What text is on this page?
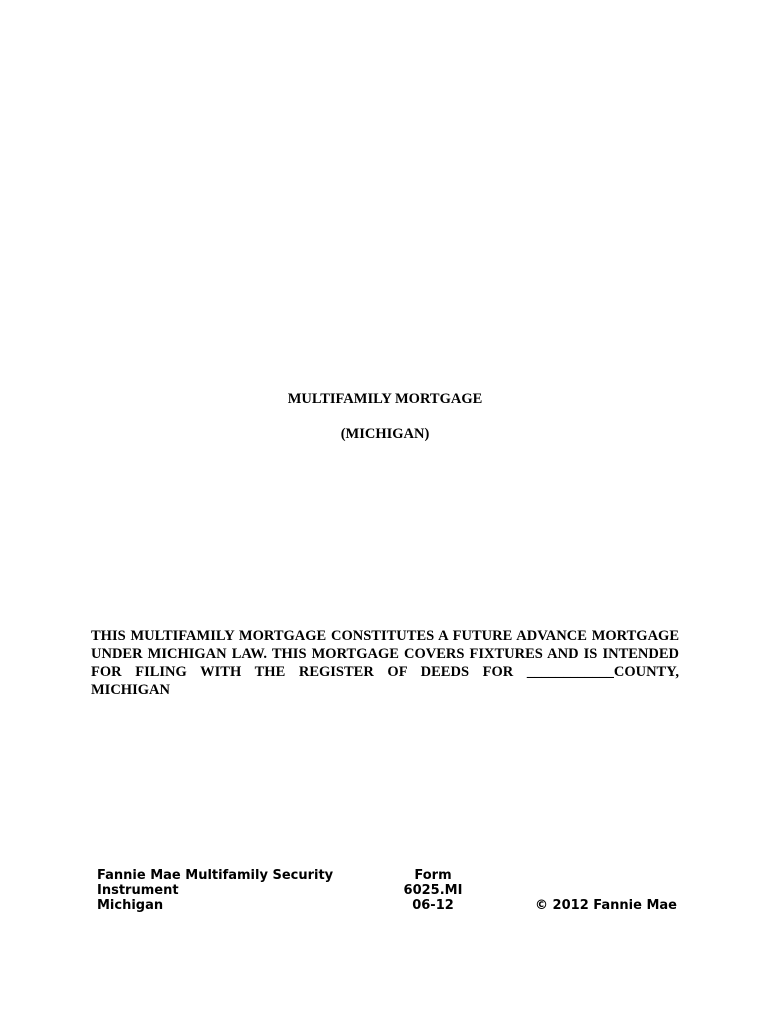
MULTIFAMILY MORTGAGE
(MICHIGAN)

THIS MULTIFAMILY MORTGAGE CONSTITUTES A FUTURE ADVANCE MORTGAGE UNDER MICHIGAN LAW. THIS MORTGAGE COVERS FIXTURES AND IS INTENDED FOR FILING WITH THE REGISTER OF DEEDS FOR ____________COUNTY, MICHIGAN

Fannie Mae Multifamily Security
Instrument
Michigan
Form
6025.MI
06-12	© 2012 Fannie Mae
